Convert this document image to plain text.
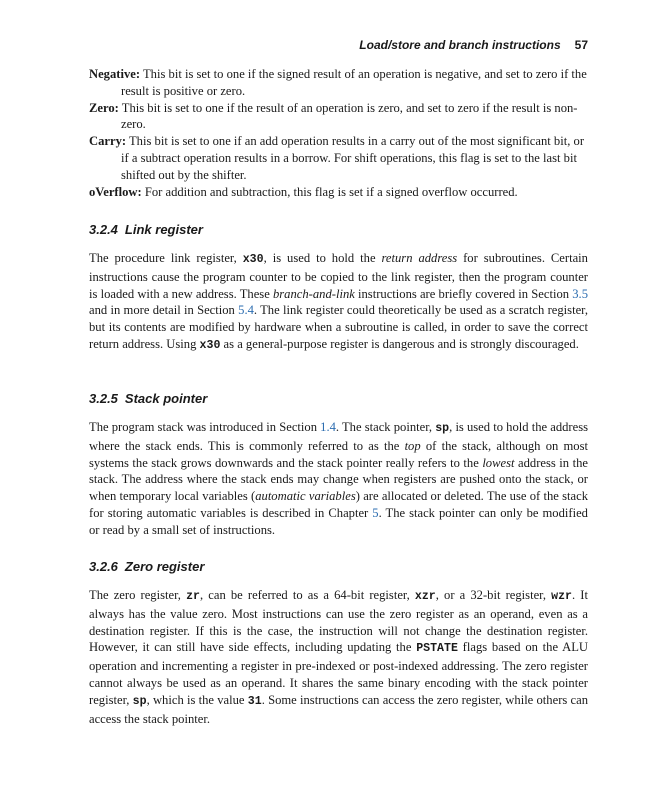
Load/store and branch instructions 57

Negative: This bit is set to one if the signed result of an operation is negative, and set to zero if the result is positive or zero.

Zero: This bit is set to one if the result of an operation is zero, and set to zero if the result is non-zero.

Carry: This bit is set to one if an add operation results in a carry out of the most significant bit, or if a subtract operation results in a borrow. For shift operations, this flag is set to the last bit shifted out by the shifter.

oVerflow: For addition and subtraction, this flag is set if a signed overflow occurred.

3.2.4 Link register

The procedure link register, x30, is used to hold the return address for subroutines. Certain instructions cause the program counter to be copied to the link register, then the program counter is loaded with a new address. These branch-and-link instructions are briefly covered in Section 3.5 and in more detail in Section 5.4. The link register could theoretically be used as a scratch register, but its contents are modified by hardware when a subroutine is called, in order to save the correct return address. Using x30 as a general-purpose register is dangerous and is strongly discouraged.

3.2.5 Stack pointer

The program stack was introduced in Section 1.4. The stack pointer, sp, is used to hold the address where the stack ends. This is commonly referred to as the top of the stack, although on most systems the stack grows downwards and the stack pointer really refers to the lowest address in the stack. The address where the stack ends may change when registers are pushed onto the stack, or when temporary local variables (automatic variables) are allocated or deleted. The use of the stack for storing automatic variables is described in Chapter 5. The stack pointer can only be modified or read by a small set of instructions.

3.2.6 Zero register

The zero register, zr, can be referred to as a 64-bit register, xzr, or a 32-bit register, wzr. It always has the value zero. Most instructions can use the zero register as an operand, even as a destination register. If this is the case, the instruction will not change the destination register. However, it can still have side effects, including updating the PSTATE flags based on the ALU operation and incrementing a register in pre-indexed or post-indexed addressing. The zero register cannot always be used as an operand. It shares the same binary encoding with the stack pointer register, sp, which is the value 31. Some instructions can access the zero register, while others can access the stack pointer.
